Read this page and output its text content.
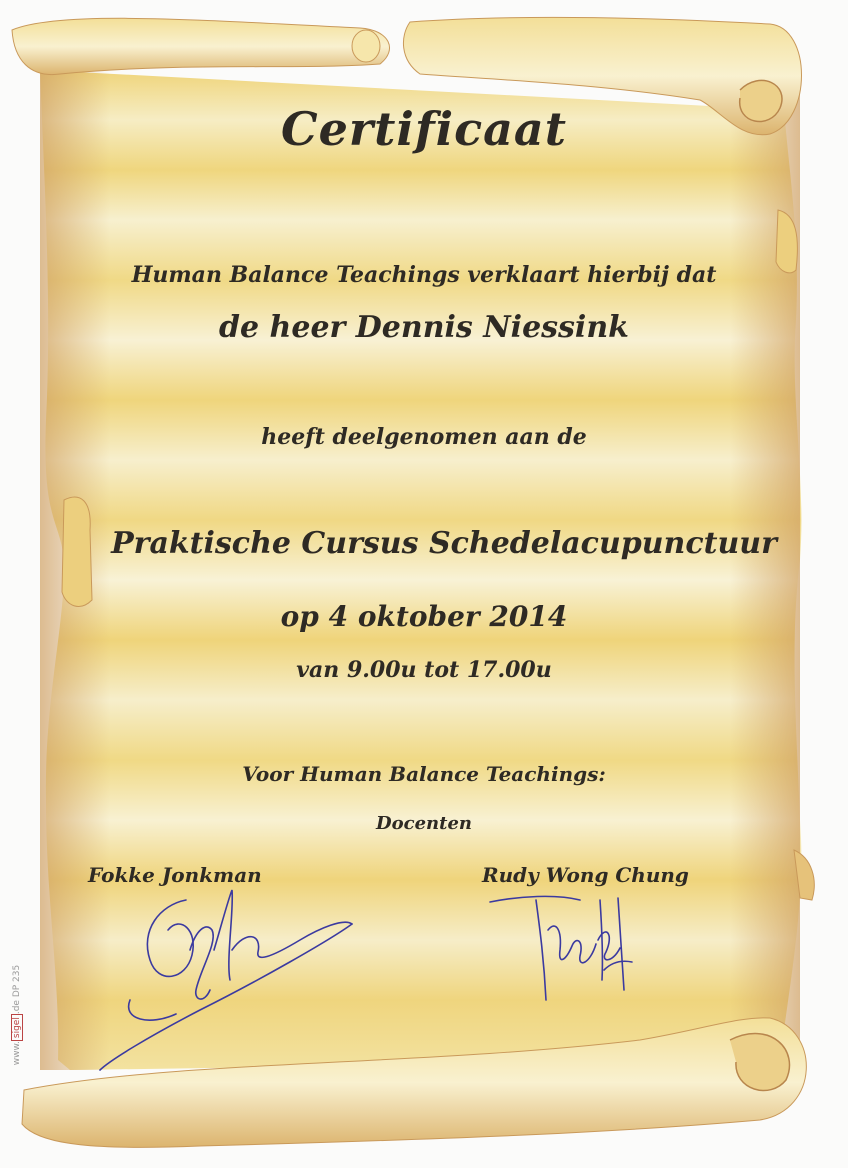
Certificaat
Human Balance Teachings verklaart hierbij dat
de heer Dennis Niessink
heeft deelgenomen aan de
Praktische Cursus Schedelacupunctuur
op 4 oktober 2014
van 9.00u tot 17.00u
Voor Human Balance Teachings:
Docenten
Fokke Jonkman	Rudy Wong Chung
www.sigel.de DP 235
